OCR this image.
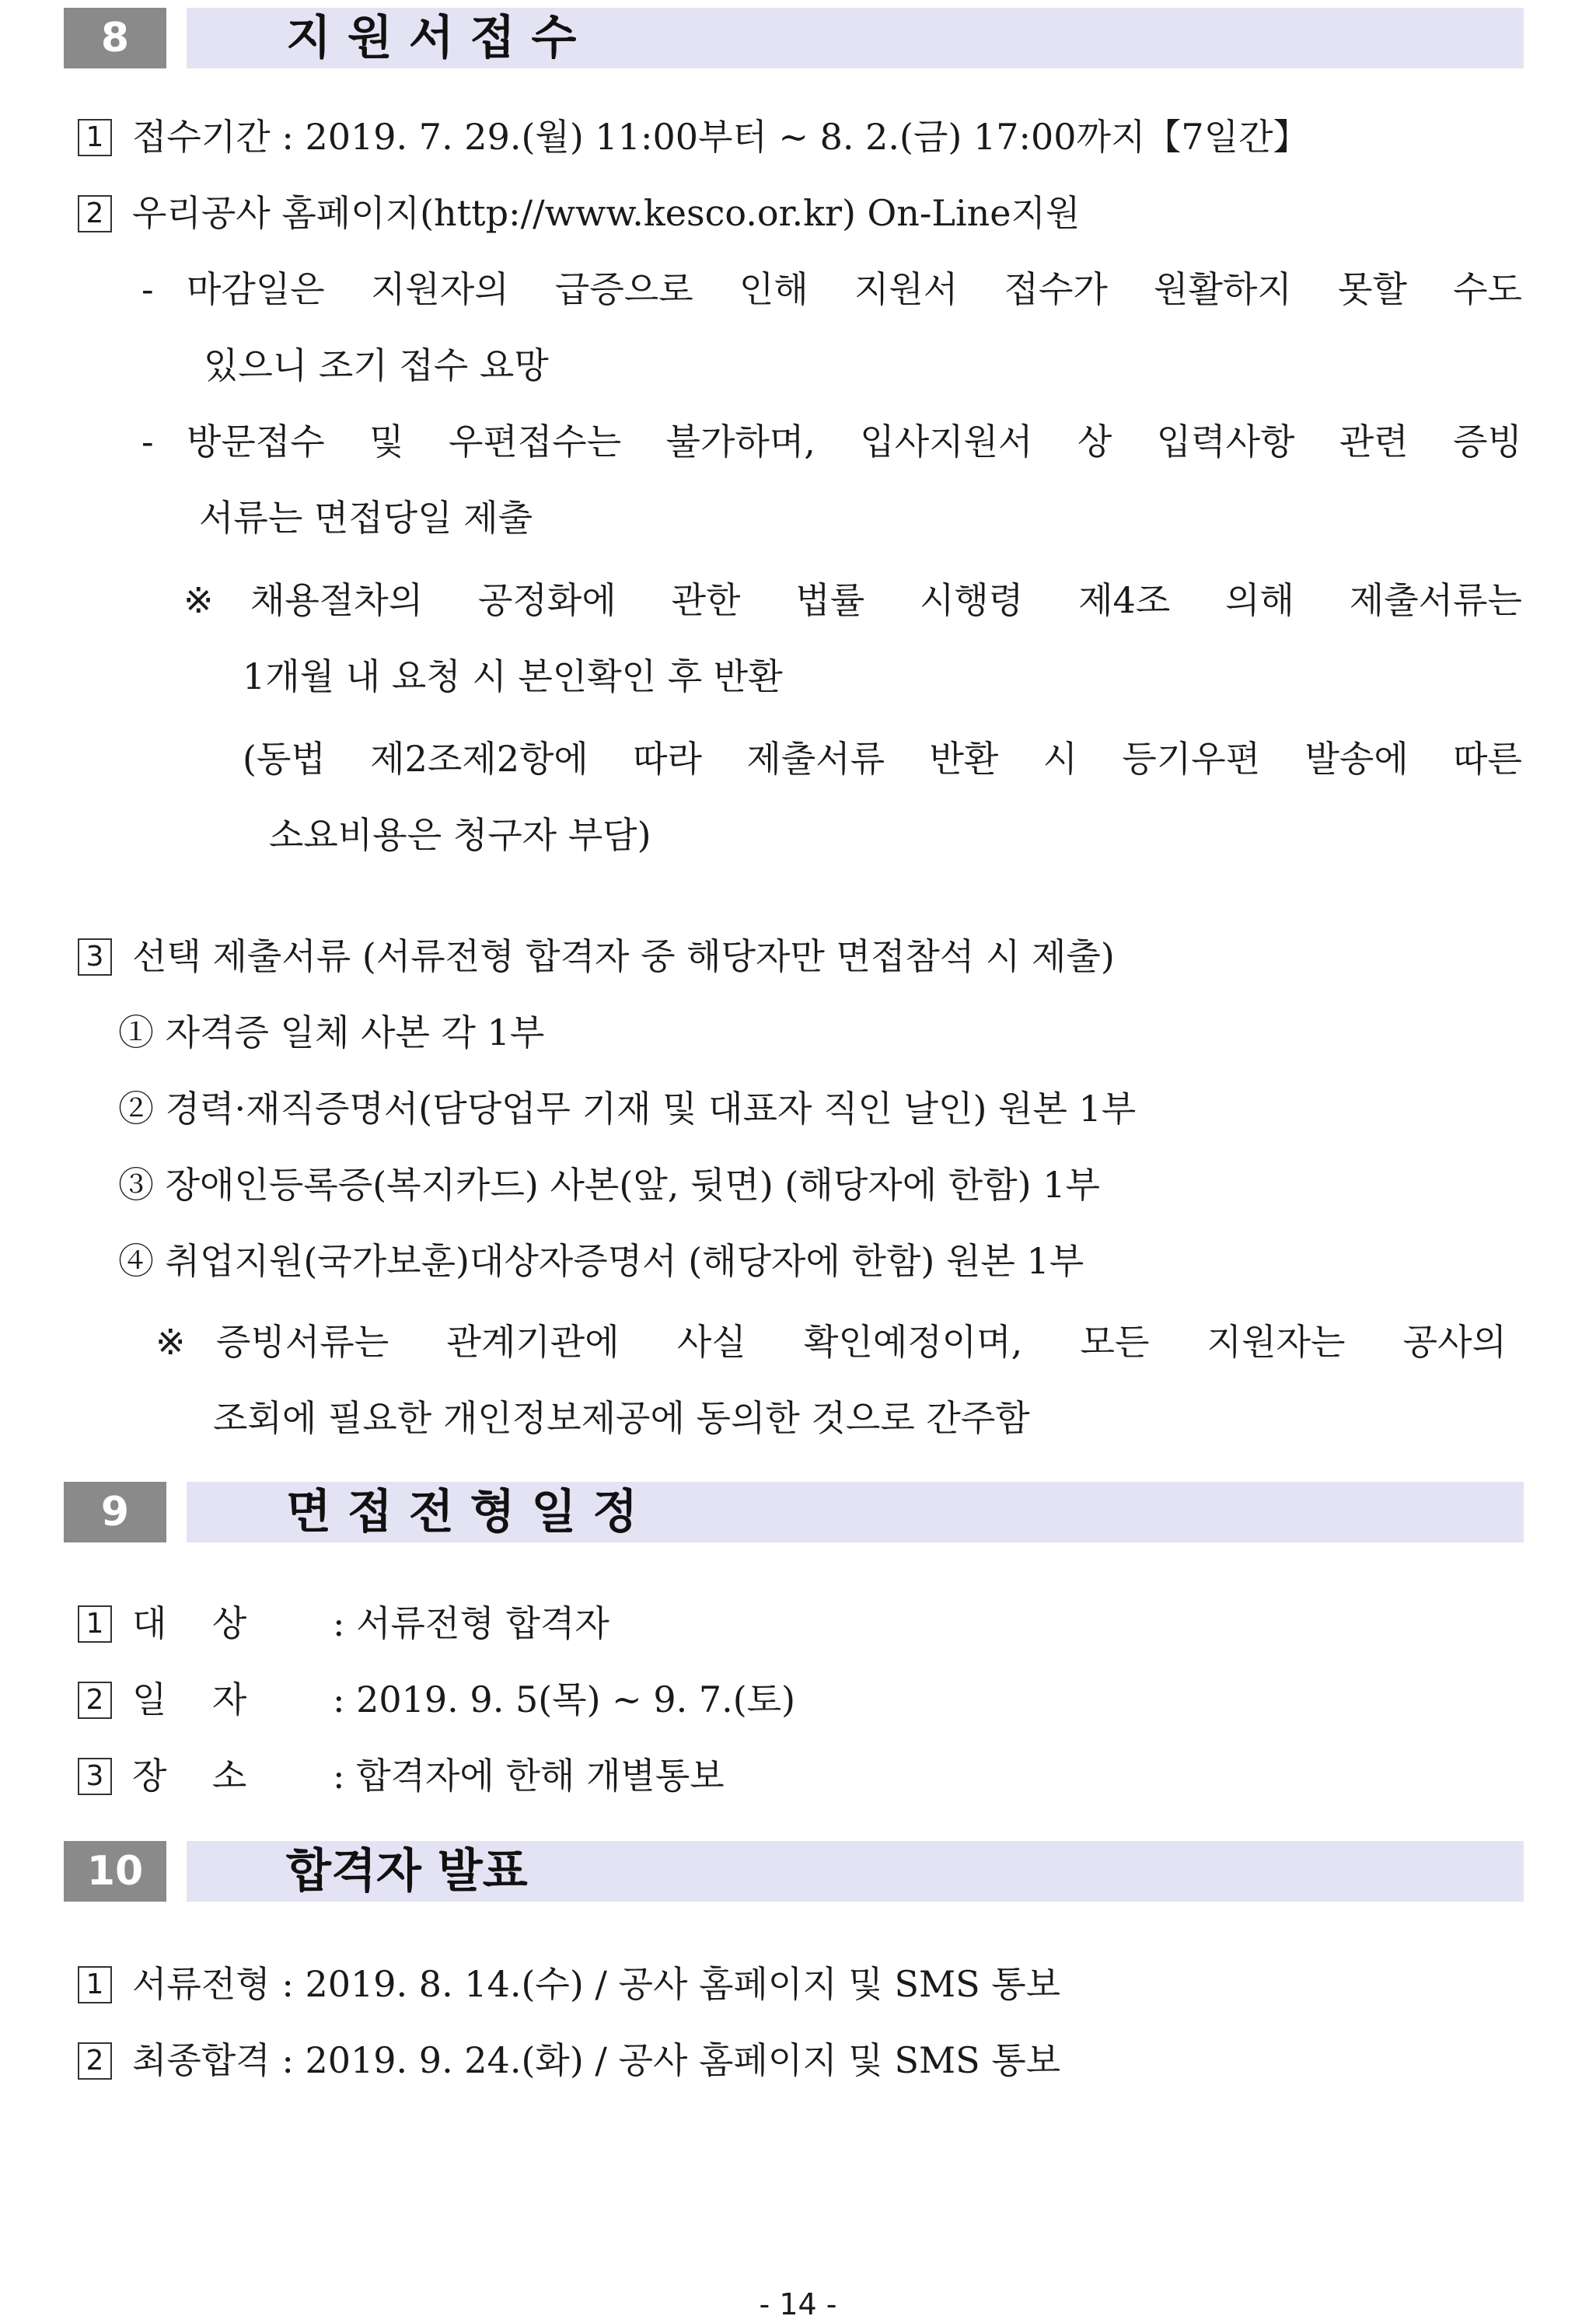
8	지 원 서 접 수
1 접수기간 : 2019. 7. 29.(월) 11:00부터 ~ 8. 2.(금) 17:00까지【7일간】
2 우리공사 홈페이지(http://www.kesco.or.kr) On-Line지원
- 마감일은 지원자의 급증으로 인해 지원서 접수가 원활하지 못할 수도
있으니 조기 접수 요망
- 방문접수 및 우편접수는 불가하며, 입사지원서 상 입력사항 관련 증빙
서류는 면접당일 제출
※ 채용절차의 공정화에 관한 법률 시행령 제4조 의해 제출서류는
1개월 내 요청 시 본인확인 후 반환
(동법 제2조제2항에 따라 제출서류 반환 시 등기우편 발송에 따른
소요비용은 청구자 부담)
3 선택 제출서류 (서류전형 합격자 중 해당자만 면접참석 시 제출)
① 자격증 일체 사본 각 1부
② 경력·재직증명서(담당업무 기재 및 대표자 직인 날인) 원본 1부
③ 장애인등록증(복지카드) 사본(앞, 뒷면) (해당자에 한함) 1부
④ 취업지원(국가보훈)대상자증명서 (해당자에 한함) 원본 1부
※ 증빙서류는 관계기관에 사실 확인예정이며, 모든 지원자는 공사의
조회에 필요한 개인정보제공에 동의한 것으로 간주함
9	면 접 전 형 일 정
1 대    상 : 서류전형 합격자
2 일    자 : 2019. 9. 5(목) ~ 9. 7.(토)
3 장    소 : 합격자에 한해 개별통보
10	합격자 발표
1 서류전형 : 2019. 8. 14.(수) / 공사 홈페이지 및 SMS 통보
2 최종합격 : 2019. 9. 24.(화) / 공사 홈페이지 및 SMS 통보
- 14 -
